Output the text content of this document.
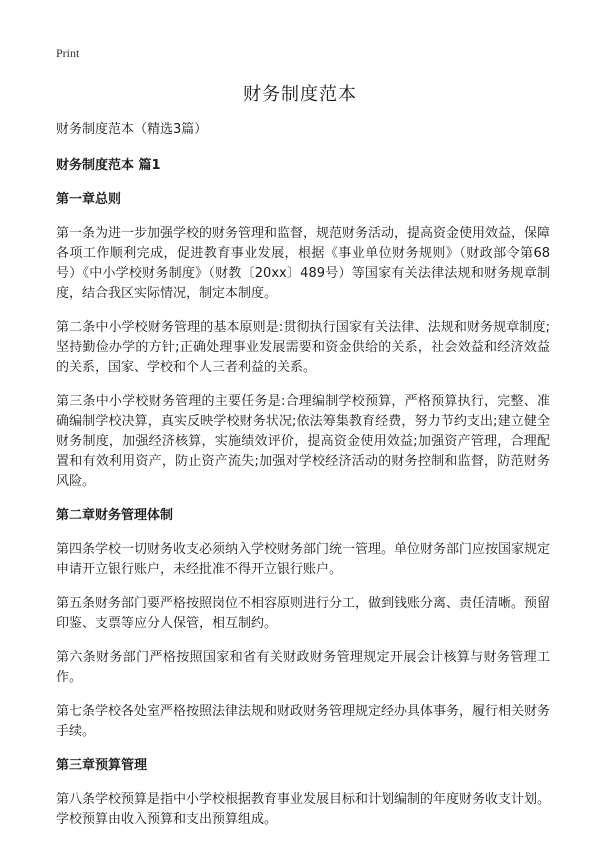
Print
财务制度范本

财务制度范本（精选3篇）

财务制度范本 篇1

第一章总则

第一条为进一步加强学校的财务管理和监督，规范财务活动，提高资金使用效益，保障各项工作顺利完成，促进教育事业发展，根据《事业单位财务规则》（财政部令第68号）《中小学校财务制度》（财教〔20xx〕489号）等国家有关法律法规和财务规章制度，结合我区实际情况，制定本制度。

第二条中小学校财务管理的基本原则是:贯彻执行国家有关法律、法规和财务规章制度;坚持勤俭办学的方针;正确处理事业发展需要和资金供给的关系，社会效益和经济效益的关系，国家、学校和个人三者利益的关系。

第三条中小学校财务管理的主要任务是:合理编制学校预算，严格预算执行，完整、准确编制学校决算，真实反映学校财务状况;依法筹集教育经费，努力节约支出;建立健全财务制度，加强经济核算，实施绩效评价，提高资金使用效益;加强资产管理，合理配置和有效利用资产，防止资产流失;加强对学校经济活动的财务控制和监督，防范财务风险。

第二章财务管理体制

第四条学校一切财务收支必须纳入学校财务部门统一管理。单位财务部门应按国家规定申请开立银行账户，未经批准不得开立银行账户。

第五条财务部门要严格按照岗位不相容原则进行分工，做到钱账分离、责任清晰。预留印鉴、支票等应分人保管，相互制约。

第六条财务部门严格按照国家和省有关财政财务管理规定开展会计核算与财务管理工作。

第七条学校各处室严格按照法律法规和财政财务管理规定经办具体事务，履行相关财务手续。

第三章预算管理

第八条学校预算是指中小学校根据教育事业发展目标和计划编制的年度财务收支计划。学校预算由收入预算和支出预算组成。
